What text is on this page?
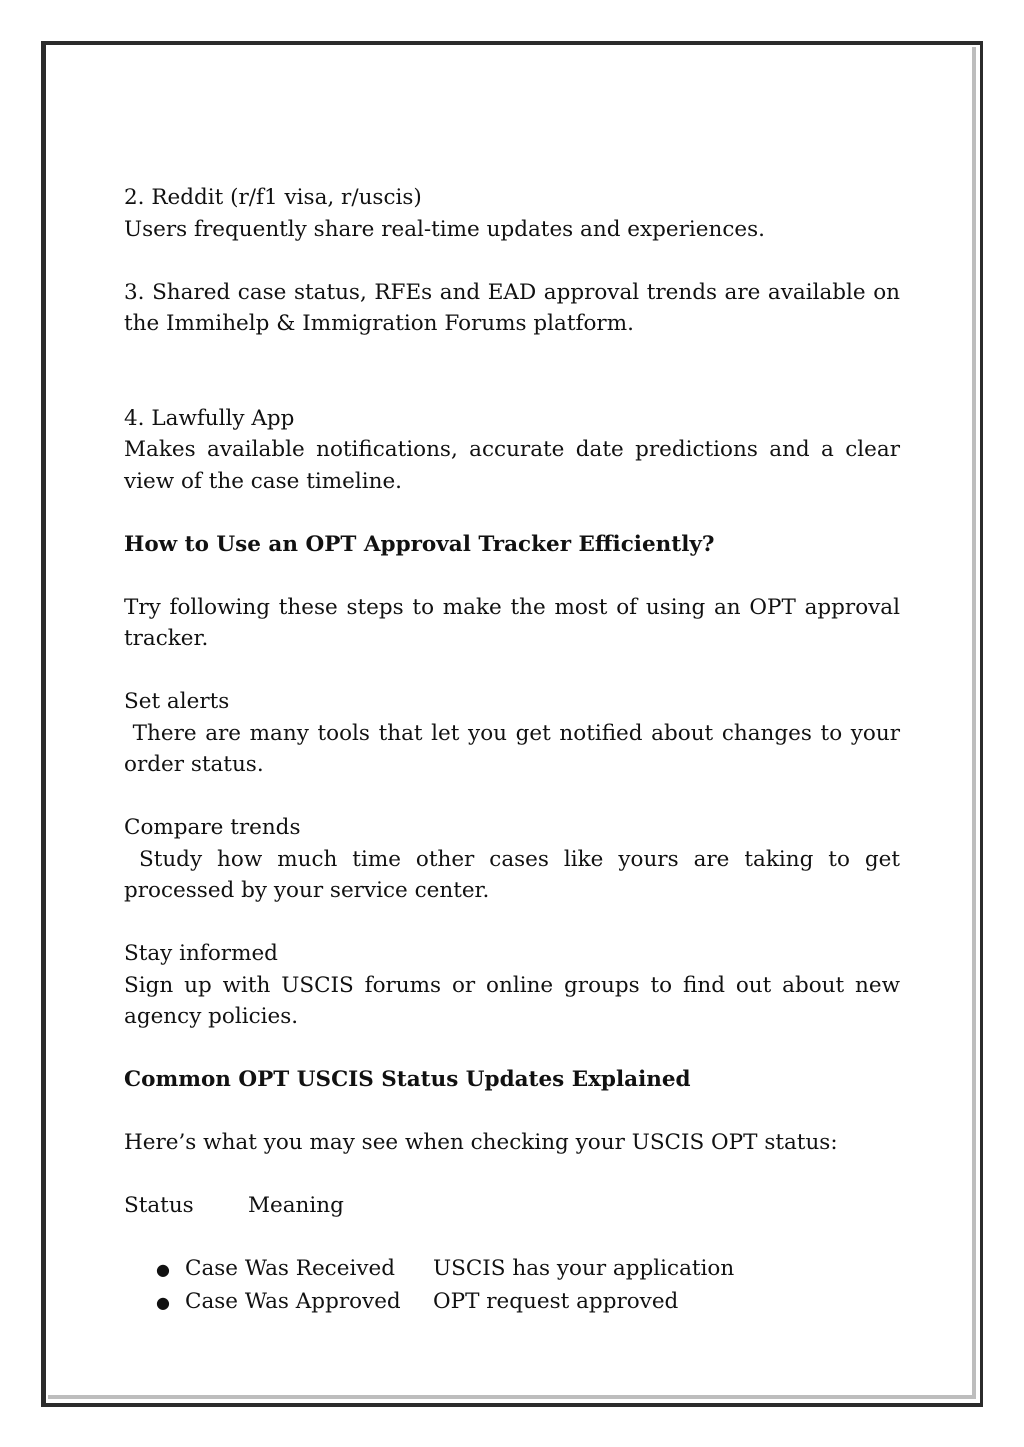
2. Reddit (r/f1 visa, r/uscis)

Users frequently share real-time updates and experiences.

3. Shared case status, RFEs and EAD approval trends are available on the Immihelp & Immigration Forums platform.

4. Lawfully App

Makes available notifications, accurate date predictions and a clear view of the case timeline.

How to Use an OPT Approval Tracker Efficiently?

Try following these steps to make the most of using an OPT approval tracker.

Set alerts

There are many tools that let you get notified about changes to your order status.

Compare trends

Study how much time other cases like yours are taking to get processed by your service center.

Stay informed

Sign up with USCIS forums or online groups to find out about new agency policies.

Common OPT USCIS Status Updates Explained

Here’s what you may see when checking your USCIS OPT status:

Status	Meaning
● Case Was Received	USCIS has your application
● Case Was Approved	OPT request approved
